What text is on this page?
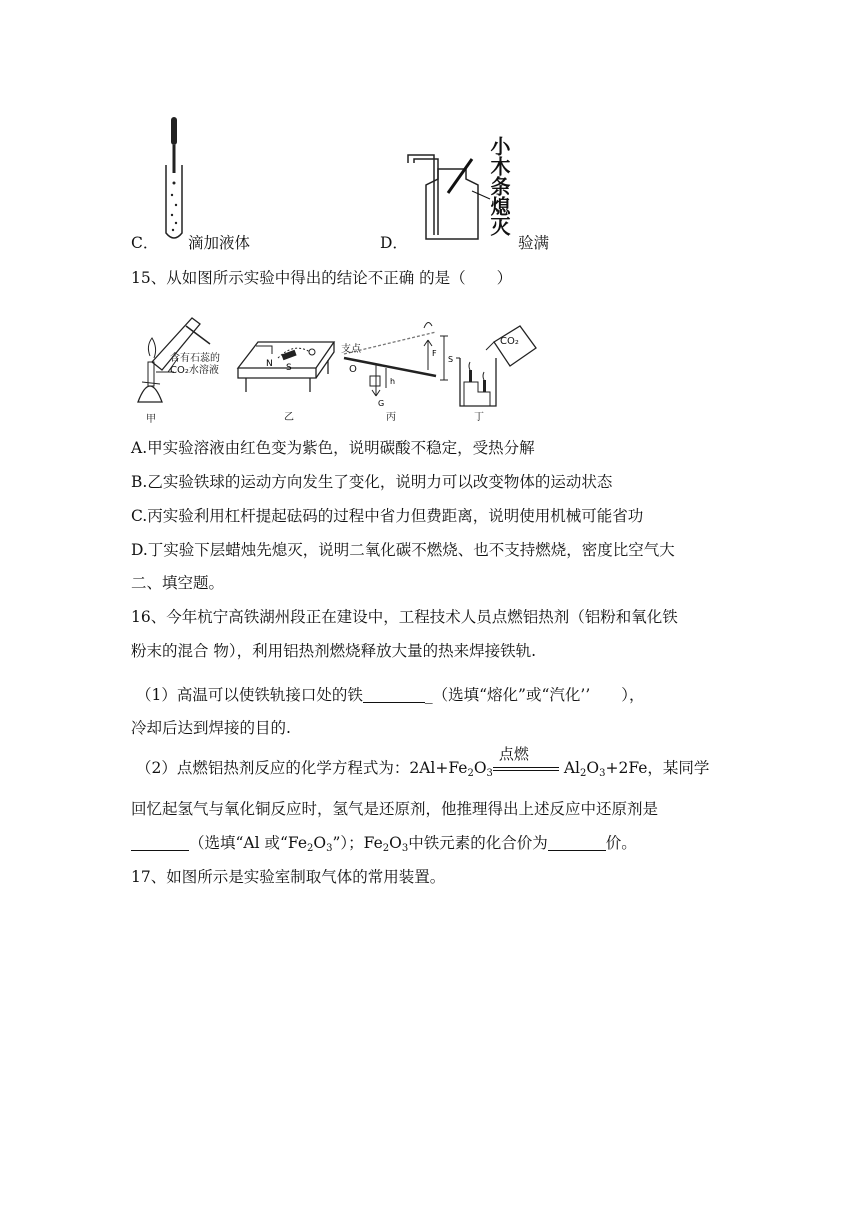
C． 滴加液体
小木条熄灭
D．	验满
15、从如图所示实验中得出的结论不正确 的是（　　）
含有石蕊的CO₂水溶液
甲
N S
乙
F
S
h
G
支点
O
丙
CO₂
丁
A.甲实验溶液由红色变为紫色，说明碳酸不稳定，受热分解
B.乙实验铁球的运动方向发生了变化，说明力可以改变物体的运动状态
C.丙实验利用杠杆提起砝码的过程中省力但费距离，说明使用机械可能省功
D.丁实验下层蜡烛先熄灭，说明二氧化碳不燃烧、也不支持燃烧，密度比空气大
二、填空题。
16、今年杭宁高铁湖州段正在建设中，工程技术人员点燃铝热剂（铝粉和氧化铁
粉末的混合 物），利用铝热剂燃烧释放大量的热来焊接铁轨.
（1）高温可以使铁轨接口处的铁	_（选填“熔化”或“汽化’’　　），
冷却后达到焊接的目的.
（2）点燃铝热剂反应的化学方程式为：$2Al+Fe_2O_3$
点燃
$Al_2O_3+2Fe$，某同学
回忆起氢气与氧化铜反应时，氢气是还原剂，他推理得出上述反应中还原剂是
（选填“Al 或“$Fe_2O_3$”）；$Fe_2O_3$中铁元素的化合价为	价。
17、如图所示是实验室制取气体的常用装置。
